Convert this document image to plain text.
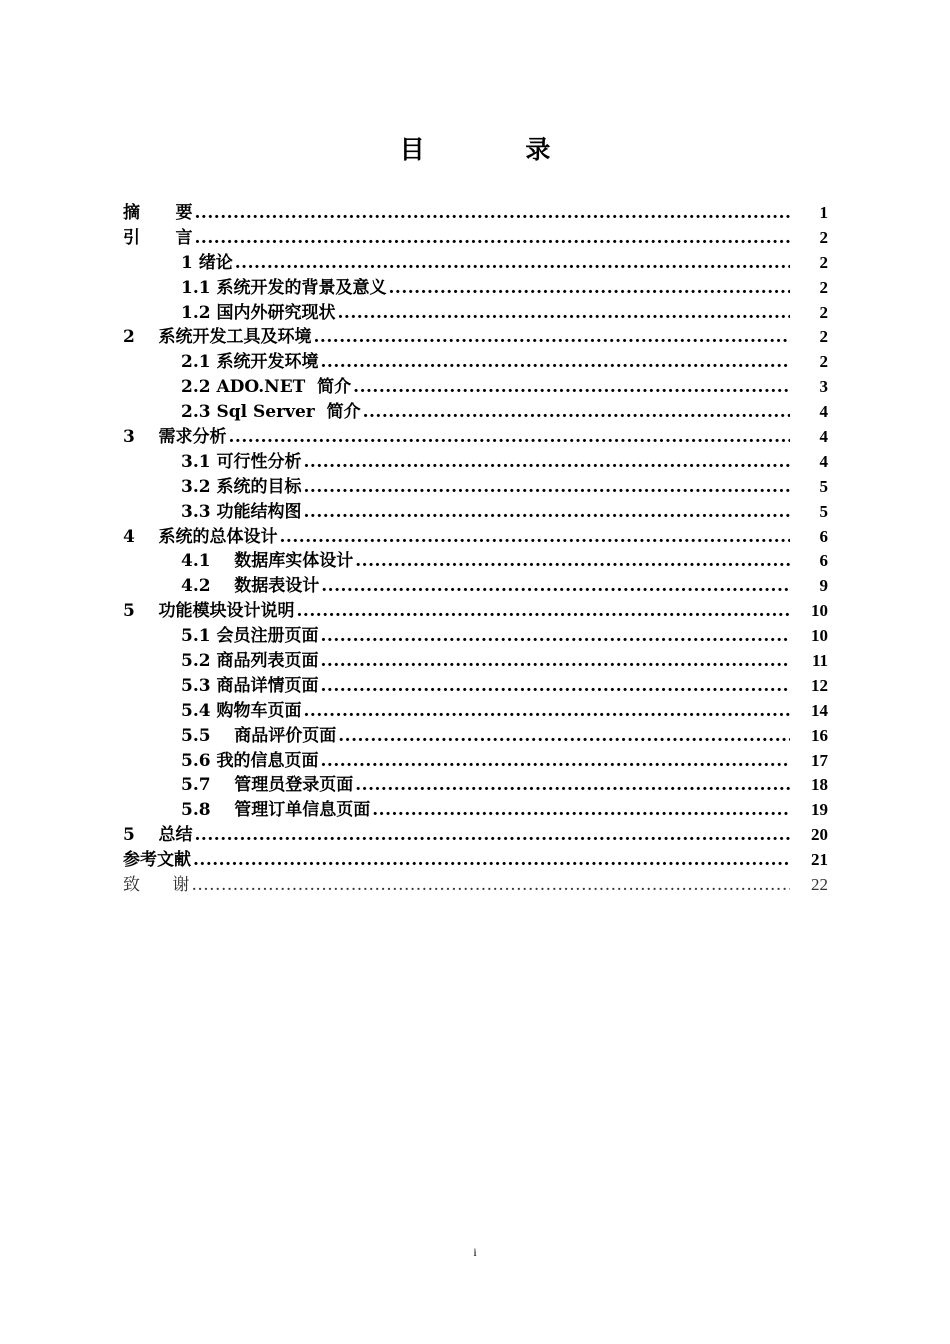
目 录
摘      要 .....	1
引      言 .....	2
1 绪论 .....	2
1.1 系统开发的背景及意义 .....	2
1.2 国内外研究现状 .....	2
2    系统开发工具及环境 .....	2
2.1 系统开发环境 .....	2
2.2 ADO.NET  简介 .....	3
2.3 Sql Server  简介 .....	4
3    需求分析 .....	4
3.1 可行性分析 .....	4
3.2 系统的目标 .....	5
3.3 功能结构图 .....	5
4    系统的总体设计 .....	6
4.1    数据库实体设计 .....	6
4.2    数据表设计 .....	9
5    功能模块设计说明 .....	10
5.1 会员注册页面 .....	10
5.2 商品列表页面 .....	11
5.3 商品详情页面 .....	12
5.4 购物车页面 .....	14
5.5    商品评价页面 .....	16
5.6 我的信息页面 .....	17
5.7    管理员登录页面 .....	18
5.8    管理订单信息页面 .....	19
5    总结 .....	20
参考文献 .....	21
致      谢 .....	22
i
